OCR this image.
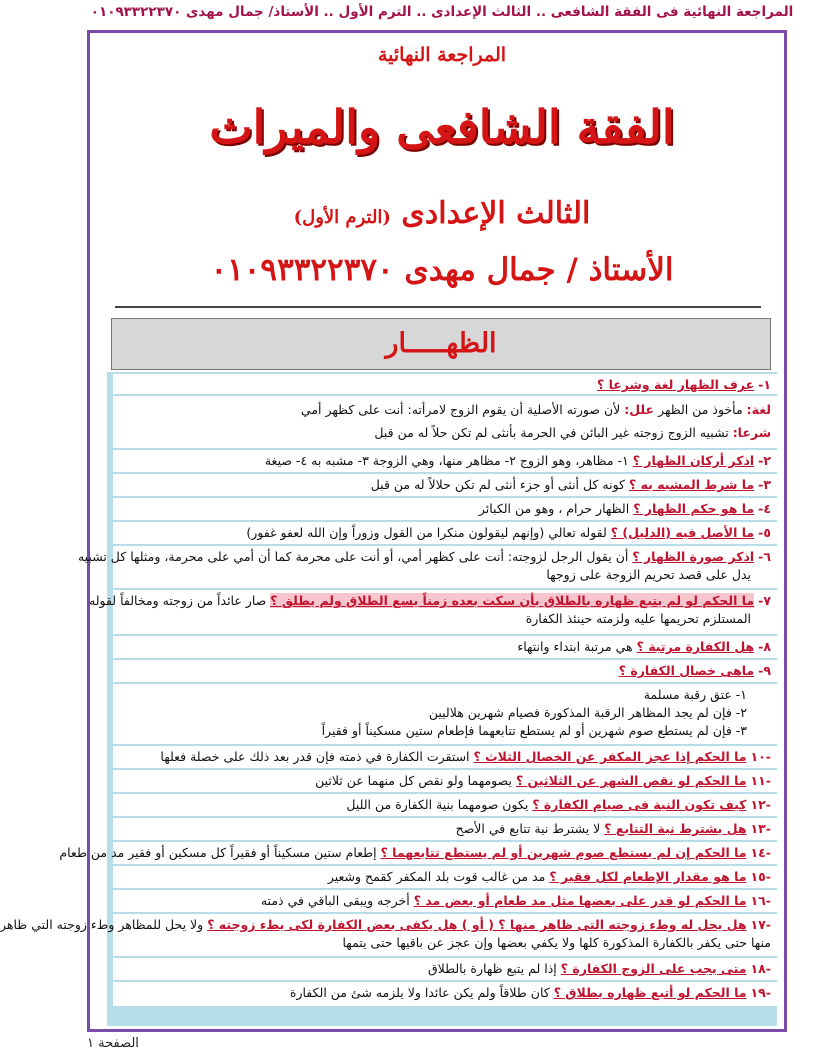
المراجعة النهائية فى الفقة الشافعى .. الثالث الإعدادى .. الترم الأول .. الأستاذ/ جمال مهدى ٠١٠٩٣٣٢٢٣٧٠
المراجعة النهائية
الفقة الشافعى والميراث
الثالث الإعدادى (الترم الأول)
الأستاذ / جمال مهدى ٠١٠٩٣٣٢٢٣٧٠
الظهـــــار
١- عرف الظهار لغة وشرعا ؟
لغة: مأخوذ من الظهر علل: لأن صورته الأصلية أن يقوم الزوج لامرأته: أنت على كظهر أمي
شرعا: تشبيه الزوج زوجته غير البائن في الحرمة بأنثى لم تكن حلاً له من قبل
٢- اذكر أركان الظهار ؟ ١- مظاهر، وهو الزوج ٢- مظاهر منها، وهي الزوجة ٣- مشبه به ٤- صيغة
٣- ما شرط المشبه به ؟ كونه كل أنثى أو جزء أنثى لم تكن حلالاً له من قبل
٤- ما هو حكم الظهار ؟ الظهار حرام ، وهو من الكبائر
٥- ما الأصل فيه (الدليل) ؟ لقوله تعالي (وإنهم ليقولون منكرا من القول وزوراً وإن الله لعفو غفور)
٦- اذكر صورة الظهار ؟ أن يقول الرجل لزوجته: أنت على كظهر أمي، أو أنت على محرمة كما أن أمي على محرمة، ومثلها كل تشبيه
يدل على قصد تحريم الزوجة على زوجها
٧- ما الحكم لو لم يتبع ظهاره بالطلاق بأن سكت بعده زمناً يسع الطلاق ولم يطلق ؟ صار عائداً من زوجته ومخالفاً لقوله
المستلزم تحريمها عليه ولزمته حينئذ الكفارة
٨- هل الكفارة مرتبة ؟ هي مرتبة ابتداء وانتهاء
٩- ماهى خصال الكفارة ؟
١- عتق رقبة مسلمة
٢- فإن لم يجد المظاهر الرقبة المذكورة فصيام شهرين هلاليين
٣- فإن لم يستطع صوم شهرين أو لم يستطع تتابعهما فإطعام ستين مسكيناً أو فقيراً
-١٠ ما الحكم إذا عجز المكفر عن الخصال الثلاث ؟ استقرت الكفارة في ذمته فإن قدر بعد ذلك على خصلة فعلها
-١١ ما الحكم لو نقص الشهر عن الثلاثين ؟ يصومهما ولو نقص كل منهما عن ثلاثين
-١٢ كيف تكون النية فى صيام الكفارة ؟ يكون صومهما بنية الكفارة من الليل
-١٣ هل يشترط نية التتابع ؟ لا يشترط نية تتابع في الأصح
-١٤ ما الحكم إن لم يستطع صوم شهرين أو لم يستطع تتابعهما ؟ إطعام ستين مسكيناً أو فقيراً كل مسكين أو فقير مد من طعام
-١٥ ما هو مقدار الإطعام لكل فقير ؟ مد من غالب قوت بلد المكفر كقمح وشعير
-١٦ ما الحكم لو قدر على بعضها مثل مد طعام أو بعض مد ؟ أخرجه ويبقى الباقي في ذمته
-١٧ هل يحل له وطء زوجته التى ظاهر منها ؟ ( أو ) هل يكفى بعض الكفارة لكى يطء زوجته ؟ ولا يحل للمظاهر وطء زوجته التي ظاهر
منها حتى يكفر بالكفارة المذكورة كلها ولا يكفي بعضها وإن عجز عن باقيها حتى يتمها
-١٨ متى يجب على الزوج الكفارة ؟ إذا لم يتبع ظهارة بالطلاق
-١٩ ما الحكم لو أتبع ظهاره بطلاق ؟ كان طلاقاً ولم يكن عائدا ولا يلزمه شئ من الكفارة
الصفحة ١
